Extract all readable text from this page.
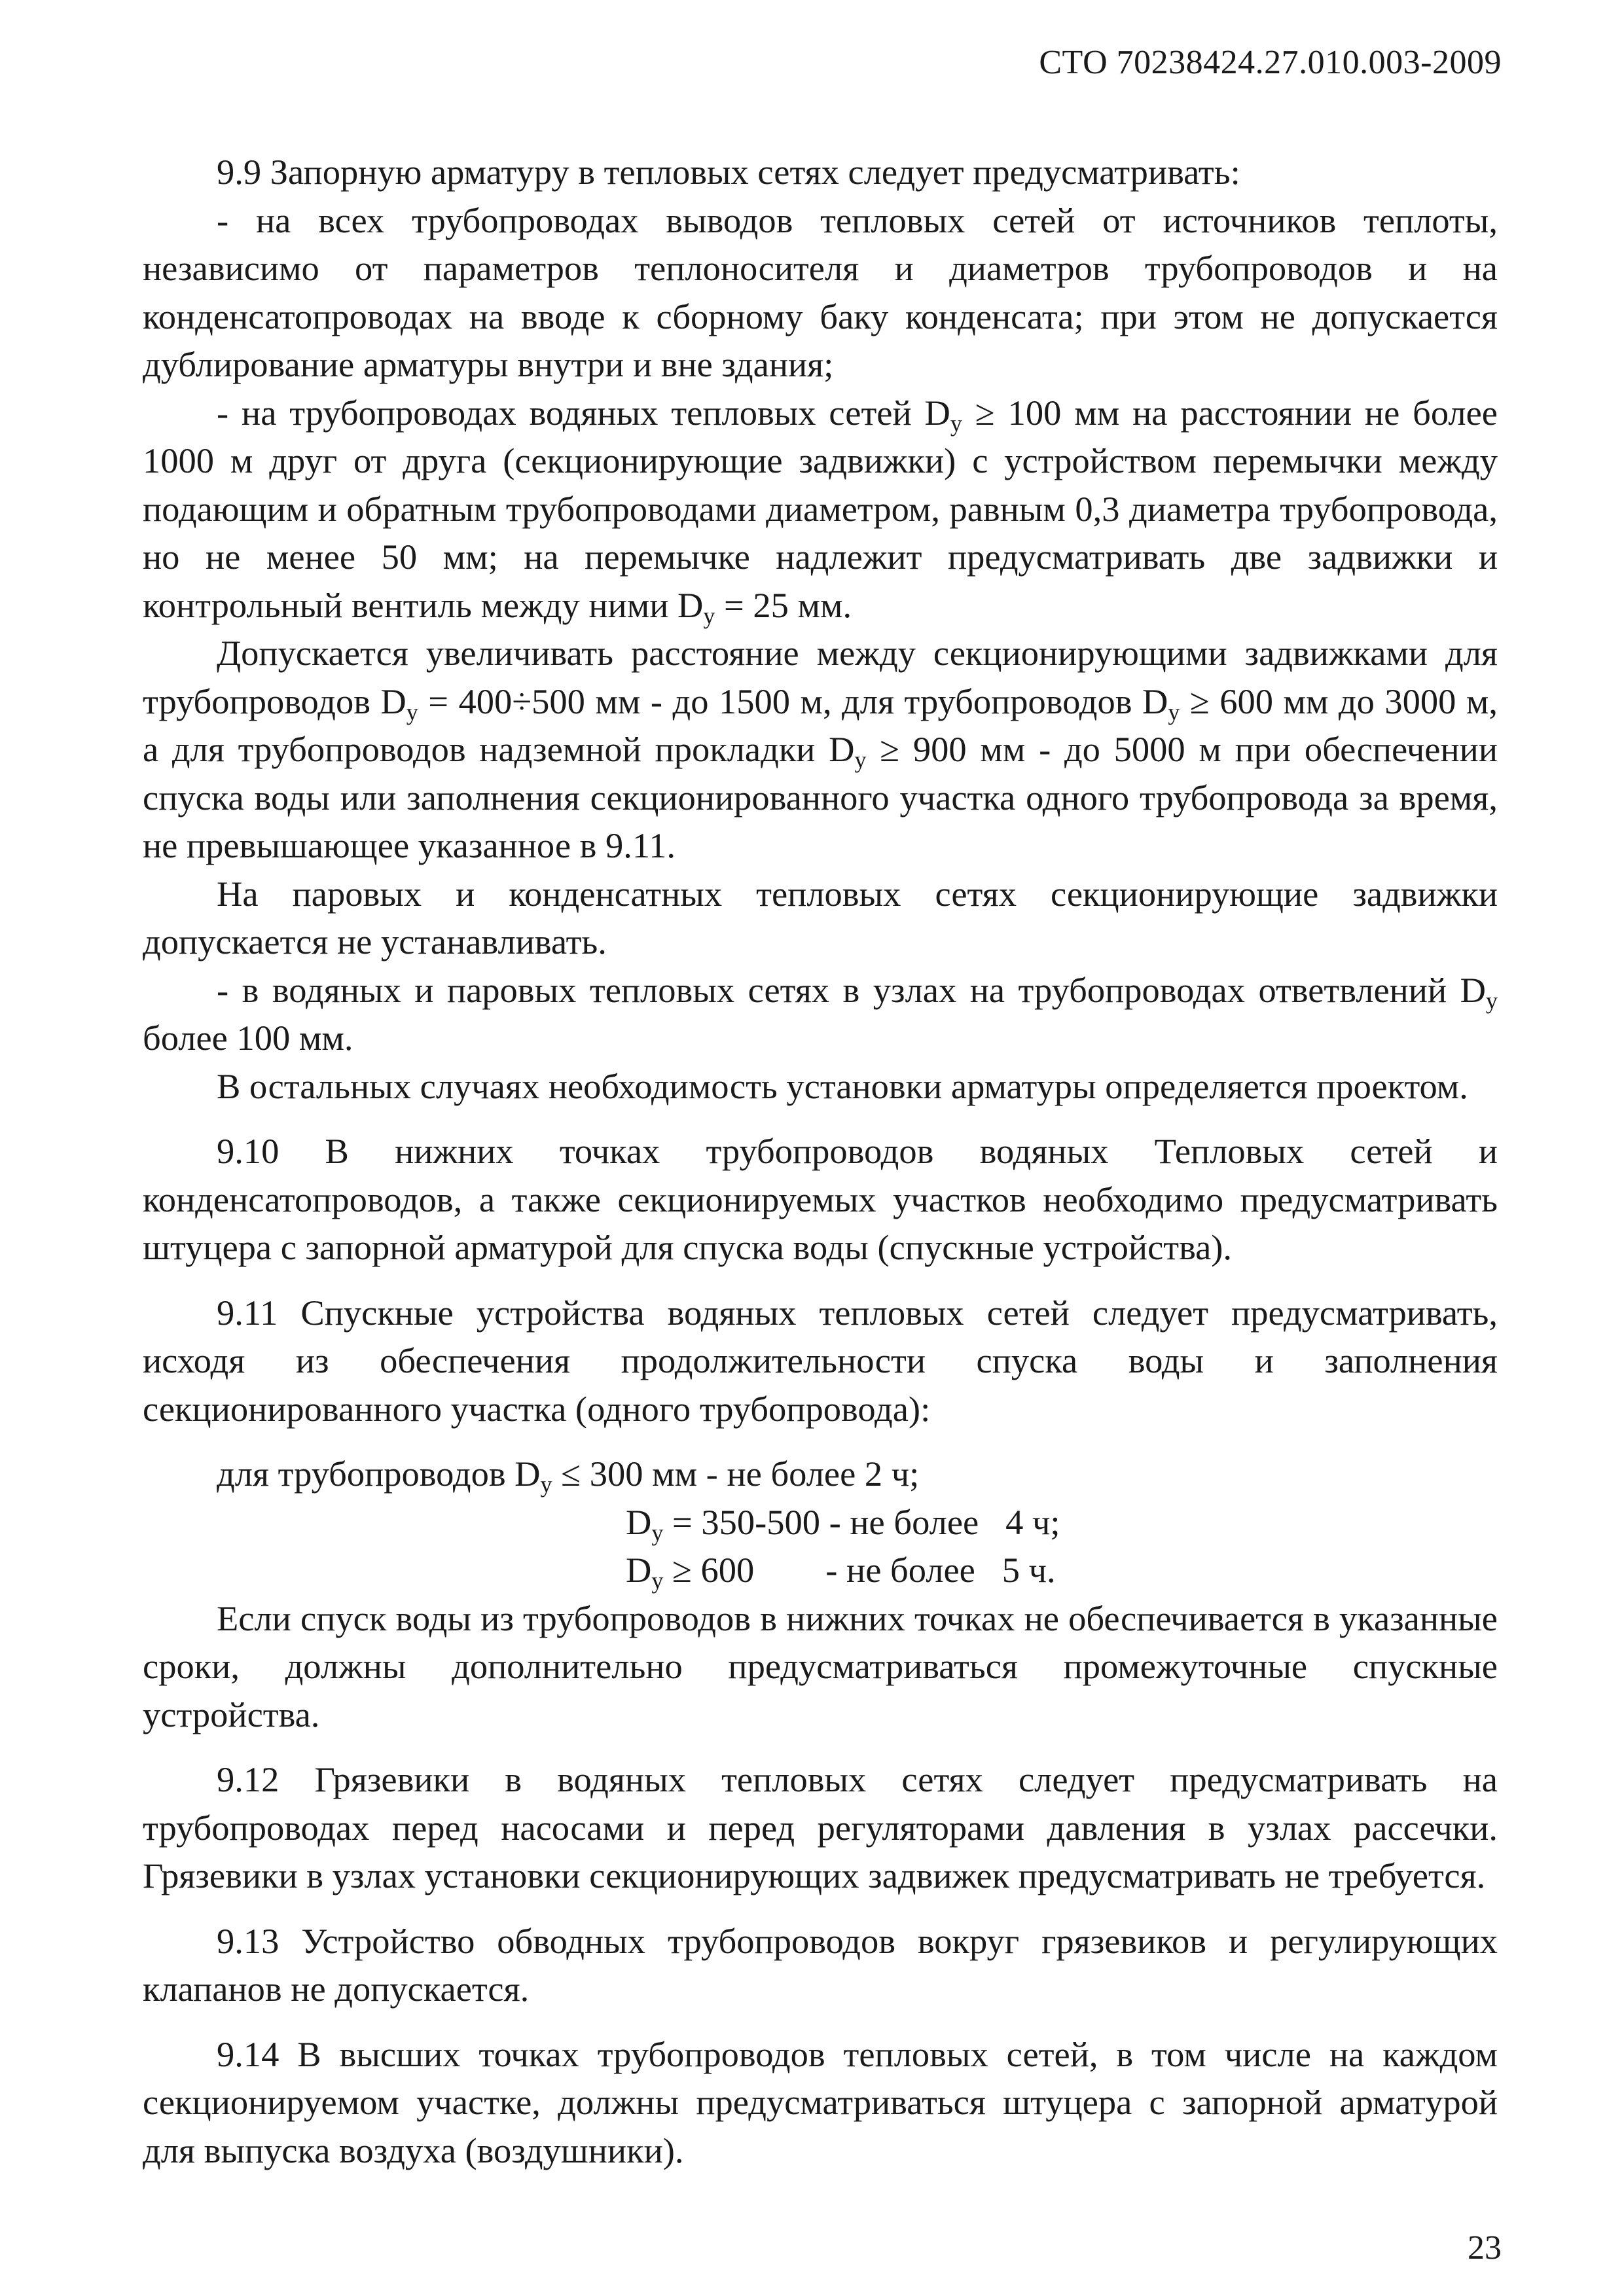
СТО 70238424.27.010.003-2009

9.9 Запорную арматуру в тепловых сетях следует предусматривать:

- на всех трубопроводах выводов тепловых сетей от источников теплоты, независимо от параметров теплоносителя и диаметров трубопроводов и на конденсатопроводах на вводе к сборному баку конденсата; при этом не допускается дублирование арматуры внутри и вне здания;

- на трубопроводах водяных тепловых сетей $D_у \ge 100$ мм на расстоянии не более 1000 м друг от друга (секционирующие задвижки) с устройством перемычки между подающим и обратным трубопроводами диаметром, равным 0,3 диаметра трубопровода, но не менее 50 мм; на перемычке надлежит предусматривать две задвижки и контрольный вентиль между ними $D_у = 25$ мм.

Допускается увеличивать расстояние между секционирующими задвижками для трубопроводов $D_у = 400\div 500$ мм - до 1500 м, для трубопроводов $D_у \ge 600$ мм до 3000 м, а для трубопроводов надземной прокладки $D_у \ge 900$ мм - до 5000 м при обеспечении спуска воды или заполнения секционированного участка одного трубопровода за время, не превышающее указанное в 9.11.

На паровых и конденсатных тепловых сетях секционирующие задвижки допускается не устанавливать.

- в водяных и паровых тепловых сетях в узлах на трубопроводах ответвлений $D_у$ более 100 мм.

В остальных случаях необходимость установки арматуры определяется проектом.

9.10 В нижних точках трубопроводов водяных Тепловых сетей и конденсатопроводов, а также секционируемых участков необходимо предусматривать штуцера с запорной арматурой для спуска воды (спускные устройства).

9.11 Спускные устройства водяных тепловых сетей следует предусматривать, исходя из обеспечения продолжительности спуска воды и заполнения секционированного участка (одного трубопровода):

для трубопроводов $D_у \le 300$ мм - не более 2 ч;

$D_у = 350-500$ - не более   4 ч;

$D_у \ge 600$        - не более   5 ч.

Если спуск воды из трубопроводов в нижних точках не обеспечивается в указанные сроки, должны дополнительно предусматриваться промежуточные спускные устройства.

9.12 Грязевики в водяных тепловых сетях следует предусматривать на трубопроводах перед насосами и перед регуляторами давления в узлах рассечки. Грязевики в узлах установки секционирующих задвижек предусматривать не требуется.

9.13 Устройство обводных трубопроводов вокруг грязевиков и регулирующих клапанов не допускается.

9.14 В высших точках трубопроводов тепловых сетей, в том числе на каждом секционируемом участке, должны предусматриваться штуцера с запорной арматурой для выпуска воздуха (воздушники).

23
